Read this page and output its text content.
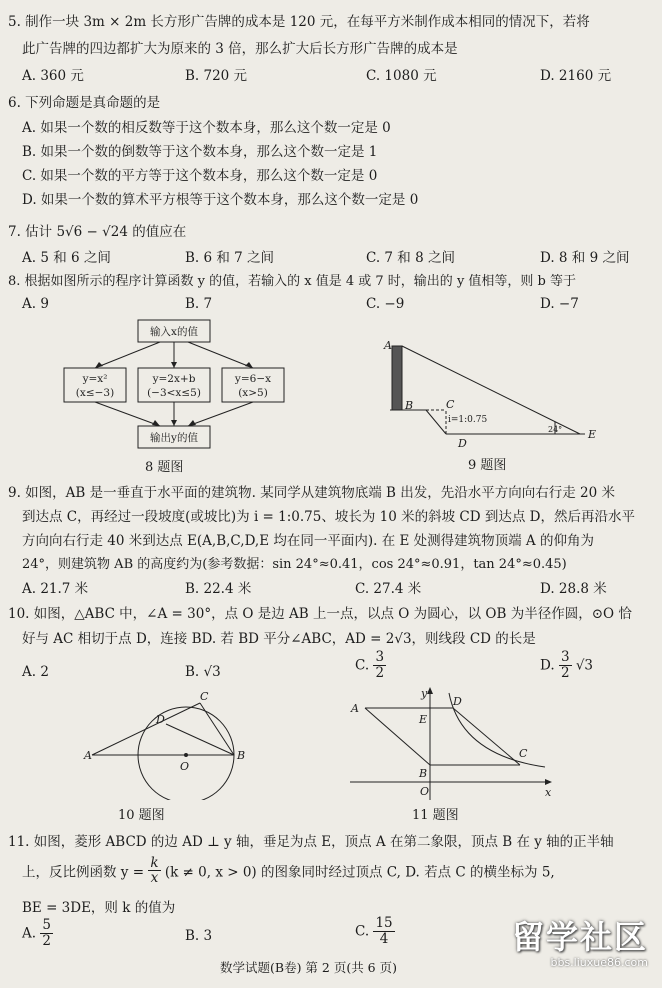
5. 制作一块 3m × 2m 长方形广告牌的成本是 120 元，在每平方米制作成本相同的情况下，若将
此广告牌的四边都扩大为原来的 3 倍，那么扩大后长方形广告牌的成本是
A. 360 元	B. 720 元	C. 1080 元	D. 2160 元
6. 下列命题是真命题的是
A. 如果一个数的相反数等于这个数本身，那么这个数一定是 0
B. 如果一个数的倒数等于这个数本身，那么这个数一定是 1
C. 如果一个数的平方等于这个数本身，那么这个数一定是 0
D. 如果一个数的算术平方根等于这个数本身，那么这个数一定是 0
7. 估计 5√6 − √24 的值应在
A. 5 和 6 之间	B. 6 和 7 之间	C. 7 和 8 之间	D. 8 和 9 之间
8. 根据如图所示的程序计算函数 y 的值，若输入的 x 值是 4 或 7 时，输出的 y 值相等，则 b 等于
A. 9	B. 7	C. −9	D. −7
输入x的值
y=x²
(x≤−3)
y=2x+b
(−3<x≤5)
y=6−x
(x>5)
输出y的值
8 题图
A
B	C
D
E
i=1:0.75
24°
9 题图
9. 如图，AB 是一垂直于水平面的建筑物. 某同学从建筑物底端 B 出发，先沿水平方向向右行走 20 米
到达点 C，再经过一段坡度(或坡比)为 i = 1:0.75、坡长为 10 米的斜坡 CD 到达点 D，然后再沿水平
方向向右行走 40 米到达点 E(A,B,C,D,E 均在同一平面内). 在 E 处测得建筑物顶端 A 的仰角为
24°，则建筑物 AB 的高度约为(参考数据：sin 24°≈0.41，cos 24°≈0.91，tan 24°≈0.45)
A. 21.7 米	B. 22.4 米	C. 27.4 米	D. 28.8 米
10. 如图，△ABC 中，∠A = 30°，点 O 是边 AB 上一点，以点 O 为圆心，以 OB 为半径作圆，⊙O 恰
好与 AC 相切于点 D，连接 BD. 若 BD 平分∠ABC，AD = 2√3，则线段 CD 的长是
A. 2	B. √3	C. $\frac{3}{2}$	D. $\frac{3}{2} √3$
A	B
C
D
O
10 题图
A
B
C
D
E
O	x
y
11 题图
11. 如图，菱形 ABCD 的边 AD ⊥ y 轴，垂足为点 E，顶点 A 在第二象限，顶点 B 在 y 轴的正半轴
上，反比例函数 $y = \frac{k}{x} (k \ne 0$, x > 0) 的图象同时经过顶点 C, D. 若点 C 的横坐标为 5,
BE = 3DE，则 k 的值为
A. $\frac{5}{2}$	B. 3	C. $\frac{15}{4}$
数学试题(B卷) 第 2 页(共 6 页)
留学社区
bbs.liuxue86.com
